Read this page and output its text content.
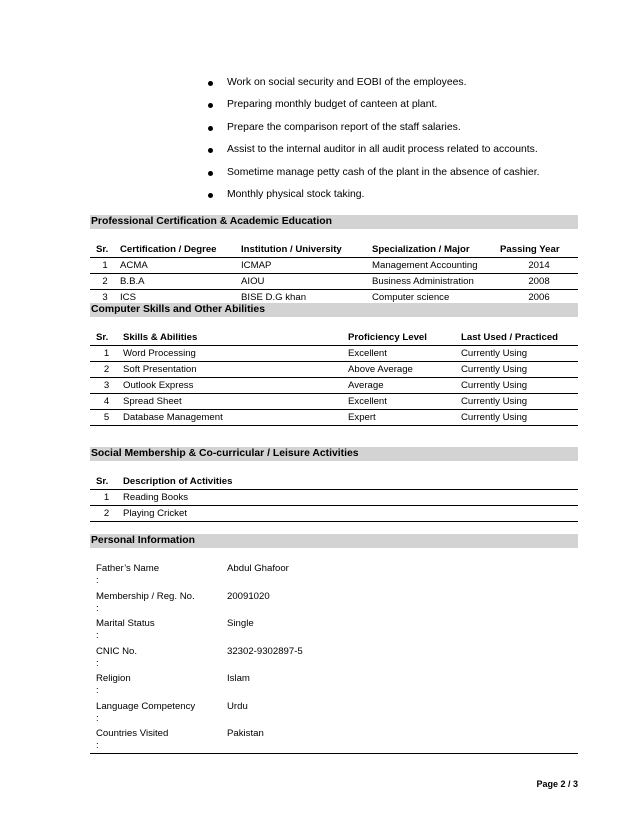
Work on social security and EOBI of the employees.
Preparing monthly budget of canteen at plant.
Prepare the comparison report of the staff salaries.
Assist to the internal auditor in all audit process related to accounts.
Sometime manage petty cash of the plant in the absence of cashier.
Monthly physical stock taking.
Professional Certification & Academic Education
Sr.	Certification / Degree	Institution / University	Specialization / Major	Passing Year
1	ACMA	ICMAP	Management Accounting	2014
2	B.B.A	AIOU	Business Administration	2008
3	ICS	BISE D.G khan	Computer science	2006
Computer Skills and Other Abilities
Sr.	Skills & Abilities	Proficiency Level	Last Used / Practiced
1	Word Processing	Excellent	Currently Using
2	Soft Presentation	Above Average	Currently Using
3	Outlook Express	Average	Currently Using
4	Spread Sheet	Excellent	Currently Using
5	Database Management	Expert	Currently Using
Social Membership & Co-curricular / Leisure Activities
Sr.	Description of Activities
1	Reading Books
2	Playing Cricket
Personal Information
Father’s Name
:
Abdul Ghafoor
Membership / Reg. No.
:
20091020
Marital Status
:
Single
CNIC No.
:
32302-9302897-5
Religion
:
Islam
Language Competency
:
Urdu
Countries Visited
:
Pakistan
Page 2 / 3
